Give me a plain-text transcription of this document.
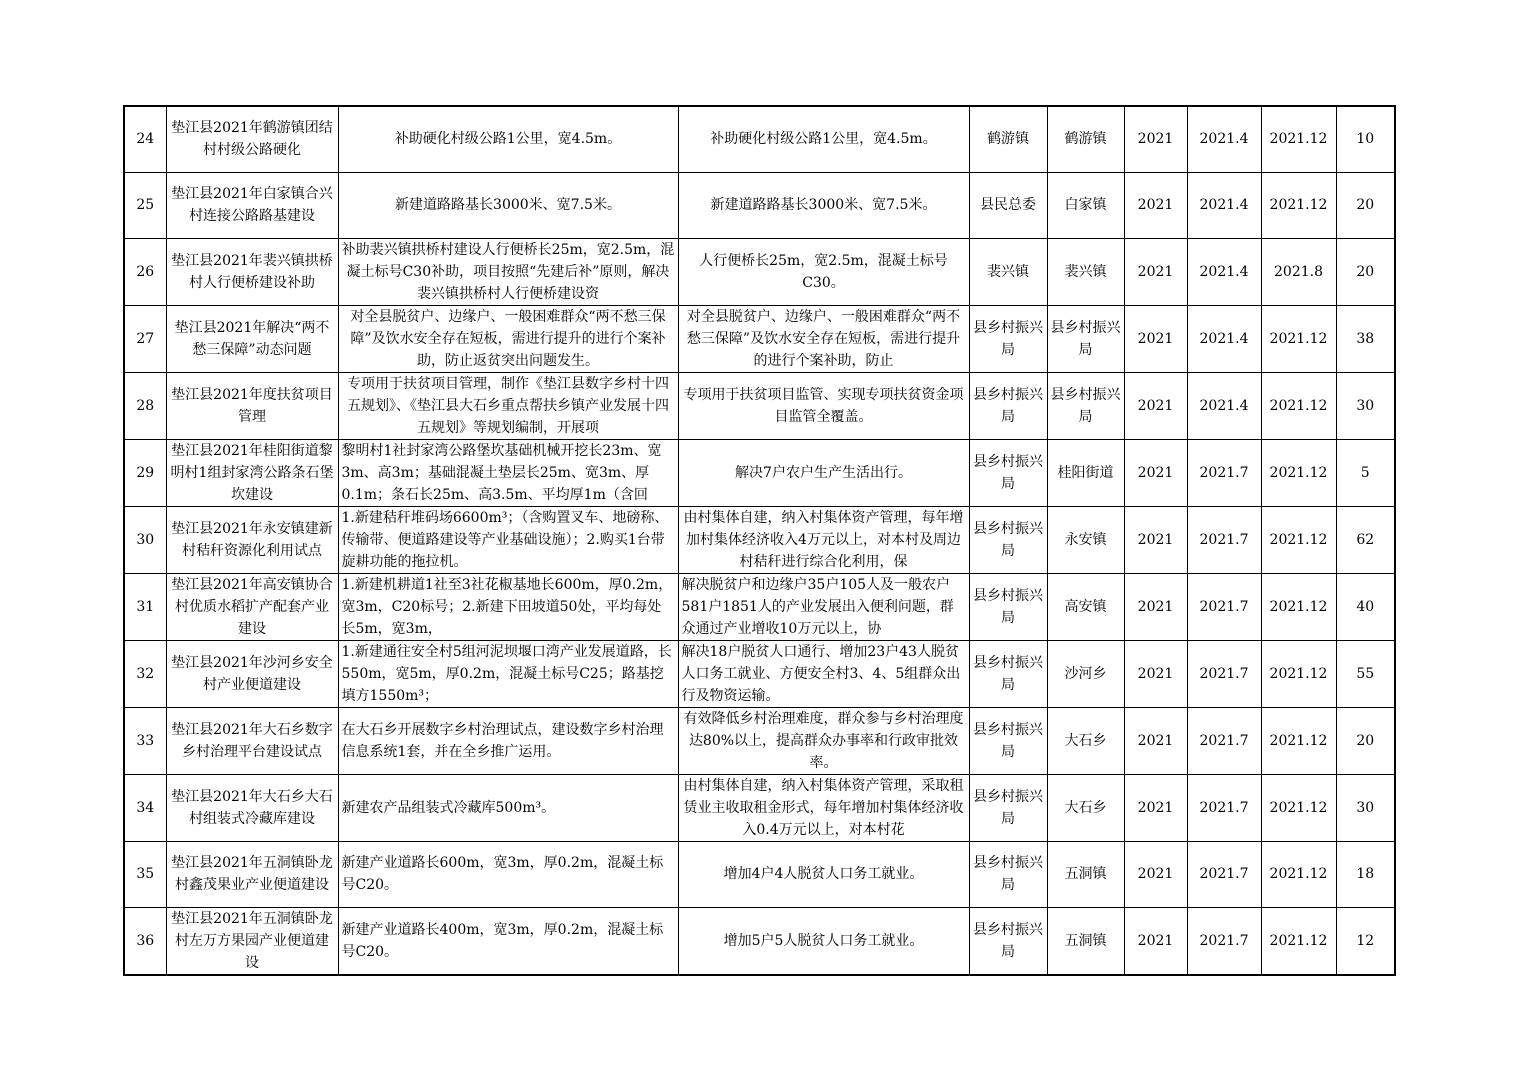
24	垫江县2021年鹤游镇团结村村级公路硬化	补助硬化村级公路1公里，宽4.5m。	补助硬化村级公路1公里，宽4.5m。	鹤游镇	鹤游镇	2021	2021.4	2021.12	10
25	垫江县2021年白家镇合兴村连接公路路基建设	新建道路路基长3000米、宽7.5米。	新建道路路基长3000米、宽7.5米。	县民总委	白家镇	2021	2021.4	2021.12	20
26	垫江县2021年裴兴镇拱桥村人行便桥建设补助	补助裴兴镇拱桥村建设人行便桥长25m，宽2.5m，混凝土标号C30补助，项目按照“先建后补”原则，解决裴兴镇拱桥村人行便桥建设资	人行便桥长25m，宽2.5m，混凝土标号C30。	裴兴镇	裴兴镇	2021	2021.4	2021.8	20
27	垫江县2021年解决“两不愁三保障”动态问题	对全县脱贫户、边缘户、一般困难群众“两不愁三保障”及饮水安全存在短板，需进行提升的进行个案补助，防止返贫突出问题发生。	对全县脱贫户、边缘户、一般困难群众“两不愁三保障”及饮水安全存在短板，需进行提升的进行个案补助，防止	县乡村振兴局	县乡村振兴局	2021	2021.4	2021.12	38
28	垫江县2021年度扶贫项目管理	专项用于扶贫项目管理，制作《垫江县数字乡村十四五规划》、《垫江县大石乡重点帮扶乡镇产业发展十四五规划》等规划编制，开展项	专项用于扶贫项目监管、实现专项扶贫资金项目监管全覆盖。	县乡村振兴局	县乡村振兴局	2021	2021.4	2021.12	30
29	垫江县2021年桂阳街道黎明村1组封家湾公路条石堡坎建设	黎明村1社封家湾公路堡坎基础机械开挖长23m、宽3m、高3m；基础混凝土垫层长25m、宽3m、厚0.1m；条石长25m、高3.5m、平均厚1m（含回	解决7户农户生产生活出行。	县乡村振兴局	桂阳街道	2021	2021.7	2021.12	5
30	垫江县2021年永安镇建新村秸秆资源化利用试点	1.新建秸秆堆码场6600m³；（含购置叉车、地磅称、传输带、便道路建设等产业基础设施）；2.购买1台带旋耕功能的拖拉机。	由村集体自建，纳入村集体资产管理，每年增加村集体经济收入4万元以上，对本村及周边村秸秆进行综合化利用，保	县乡村振兴局	永安镇	2021	2021.7	2021.12	62
31	垫江县2021年高安镇协合村优质水稻扩产配套产业建设	1.新建机耕道1社至3社花椒基地长600m，厚0.2m，宽3m，C20标号；2.新建下田坡道50处，平均每处长5m，宽3m，	解决脱贫户和边缘户35户105人及一般农户581户1851人的产业发展出入便利问题，群众通过产业增收10万元以上，协	县乡村振兴局	高安镇	2021	2021.7	2021.12	40
32	垫江县2021年沙河乡安全村产业便道建设	1.新建通往安全村5组河泥坝堰口湾产业发展道路，长550m，宽5m，厚0.2m，混凝土标号C25；路基挖填方1550m³；	解决18户脱贫人口通行、增加23户43人脱贫人口务工就业、方便安全村3、4、5组群众出行及物资运输。	县乡村振兴局	沙河乡	2021	2021.7	2021.12	55
33	垫江县2021年大石乡数字乡村治理平台建设试点	在大石乡开展数字乡村治理试点，建设数字乡村治理信息系统1套，并在全乡推广运用。	有效降低乡村治理难度，群众参与乡村治理度达80%以上，提高群众办事率和行政审批效率。	县乡村振兴局	大石乡	2021	2021.7	2021.12	20
34	垫江县2021年大石乡大石村组装式冷藏库建设	新建农产品组装式冷藏库500m³。	由村集体自建，纳入村集体资产管理，采取租赁业主收取租金形式，每年增加村集体经济收入0.4万元以上，对本村花	县乡村振兴局	大石乡	2021	2021.7	2021.12	30
35	垫江县2021年五洞镇卧龙村鑫茂果业产业便道建设	新建产业道路长600m，宽3m，厚0.2m，混凝土标号C20。	增加4户4人脱贫人口务工就业。	县乡村振兴局	五洞镇	2021	2021.7	2021.12	18
36	垫江县2021年五洞镇卧龙村左万方果园产业便道建设	新建产业道路长400m，宽3m，厚0.2m，混凝土标号C20。	增加5户5人脱贫人口务工就业。	县乡村振兴局	五洞镇	2021	2021.7	2021.12	12
